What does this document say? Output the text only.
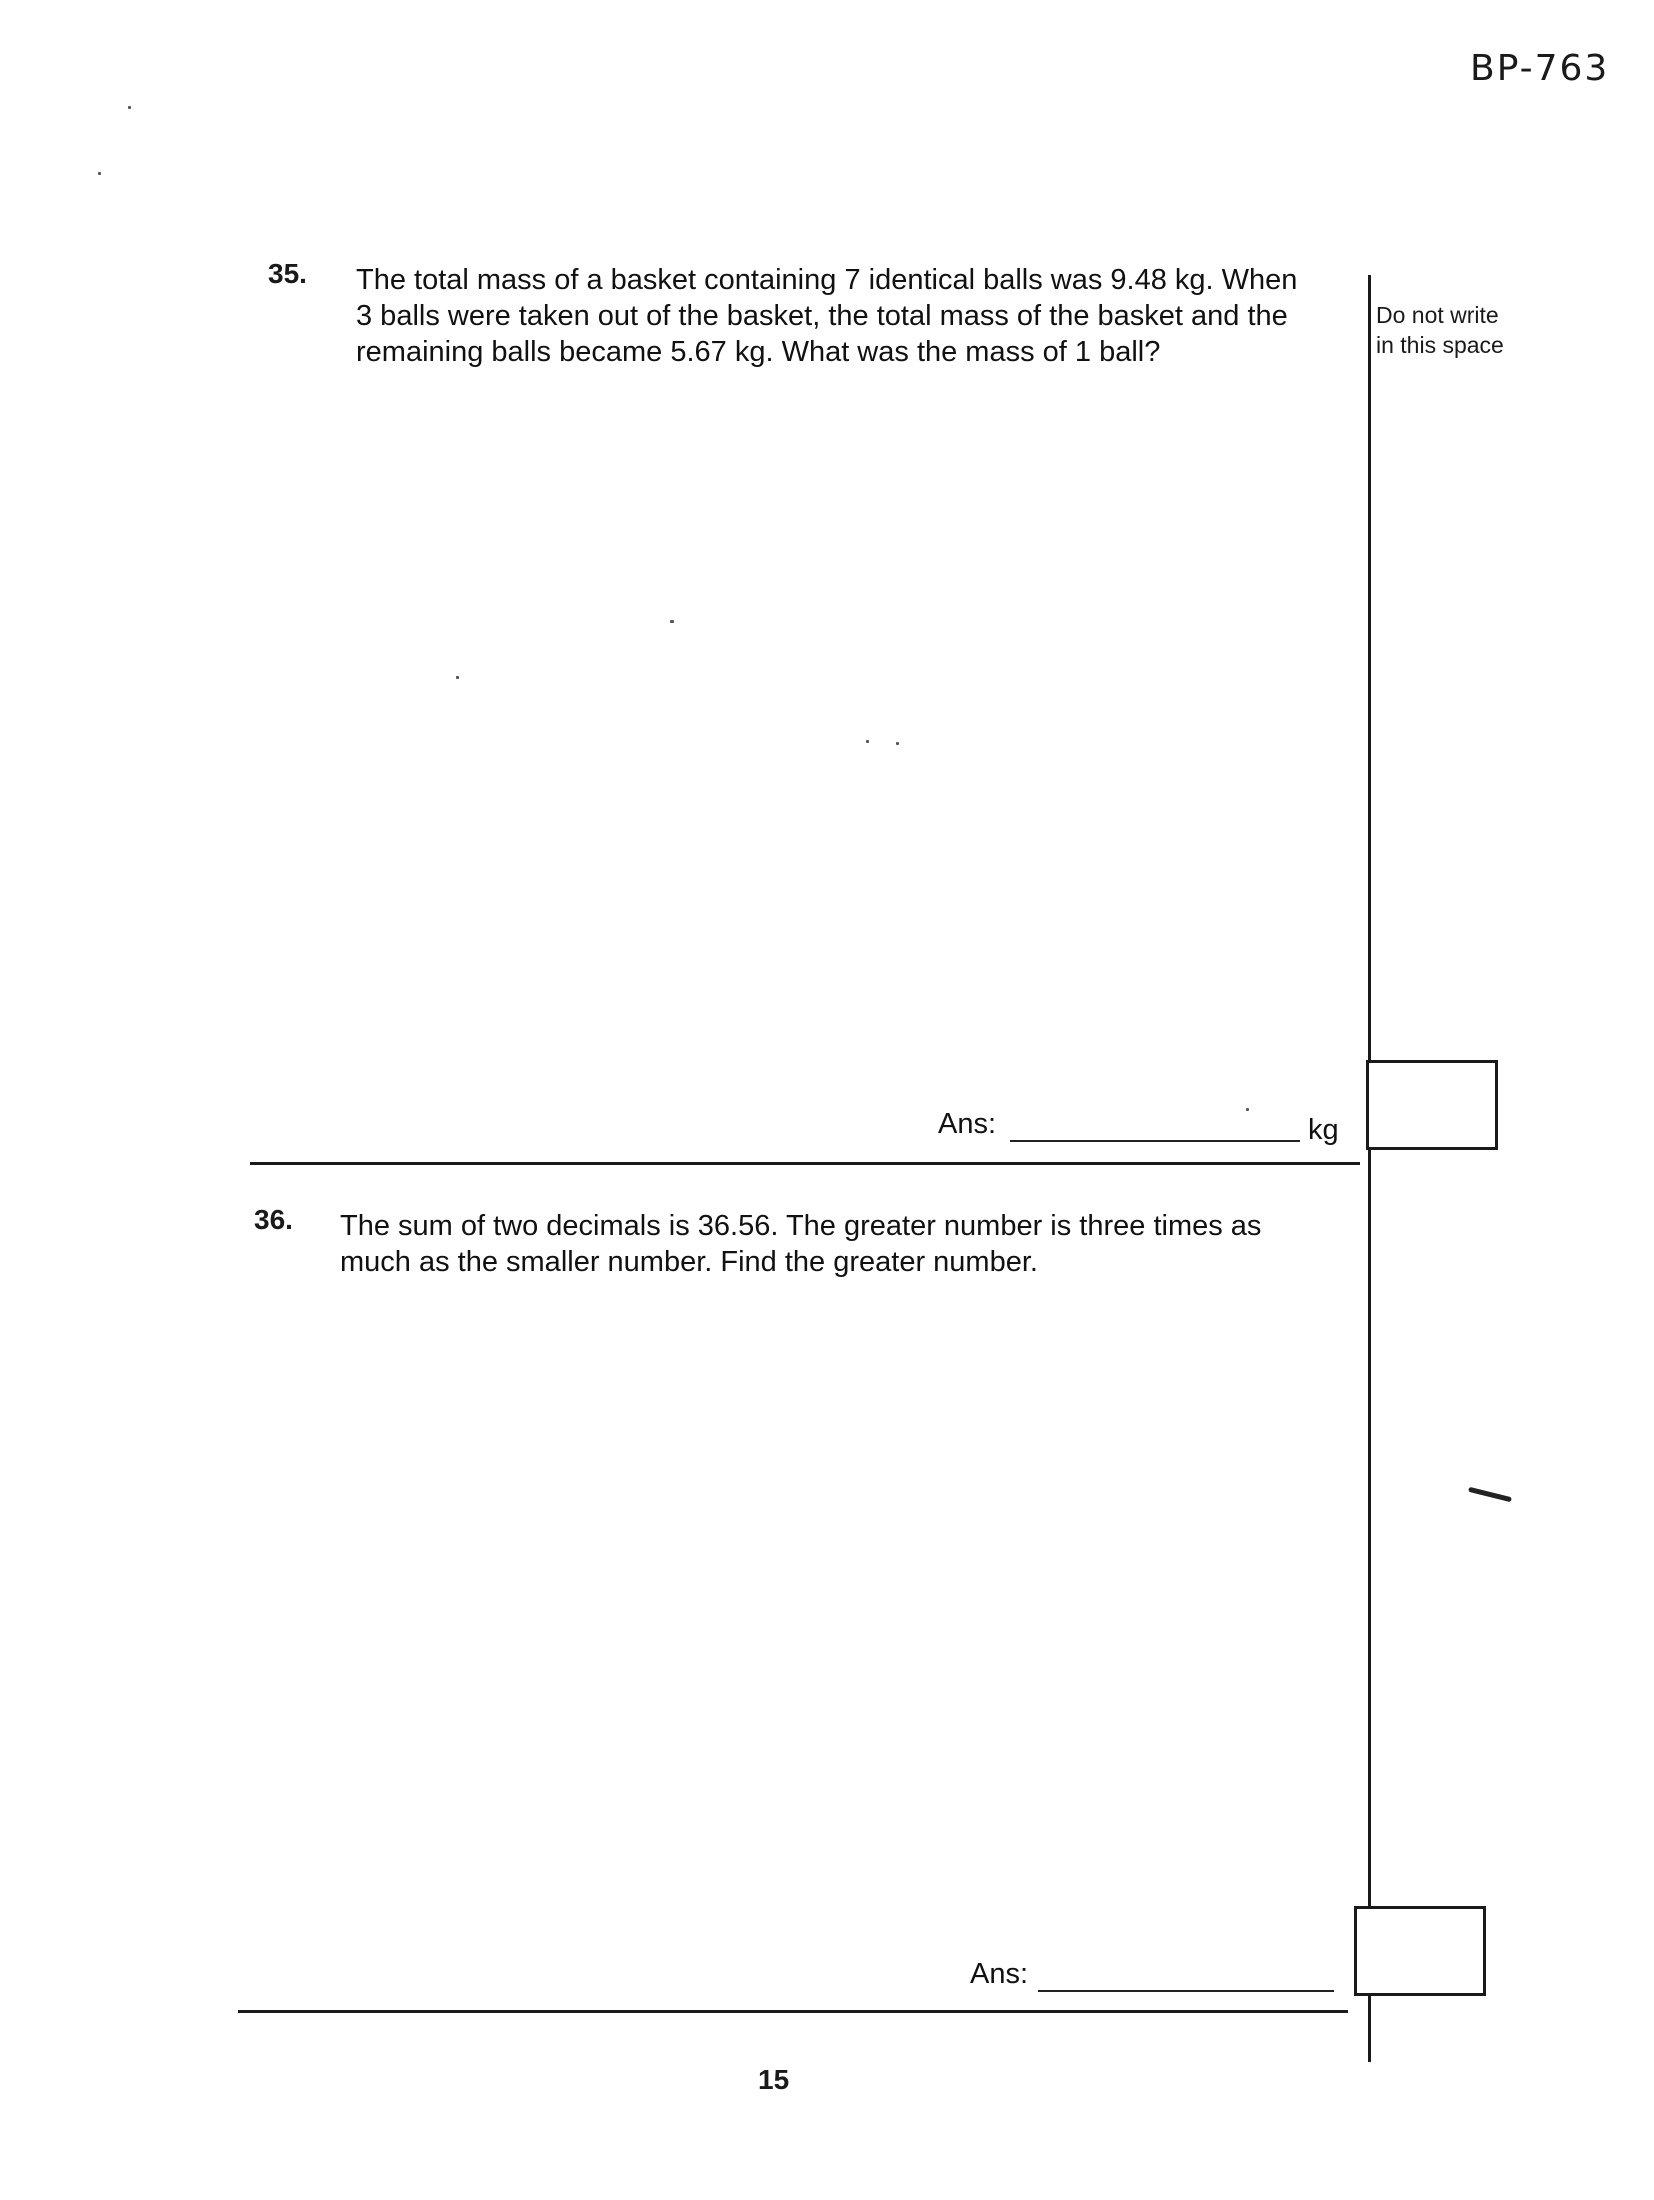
BP-763
Do not write
in this space
35. The total mass of a basket containing 7 identical balls was 9.48 kg. When
3 balls were taken out of the basket, the total mass of the basket and the
remaining balls became 5.67 kg. What was the mass of 1 ball?
Ans:	kg
36. The sum of two decimals is 36.56. The greater number is three times as
much as the smaller number. Find the greater number.
Ans:
15
